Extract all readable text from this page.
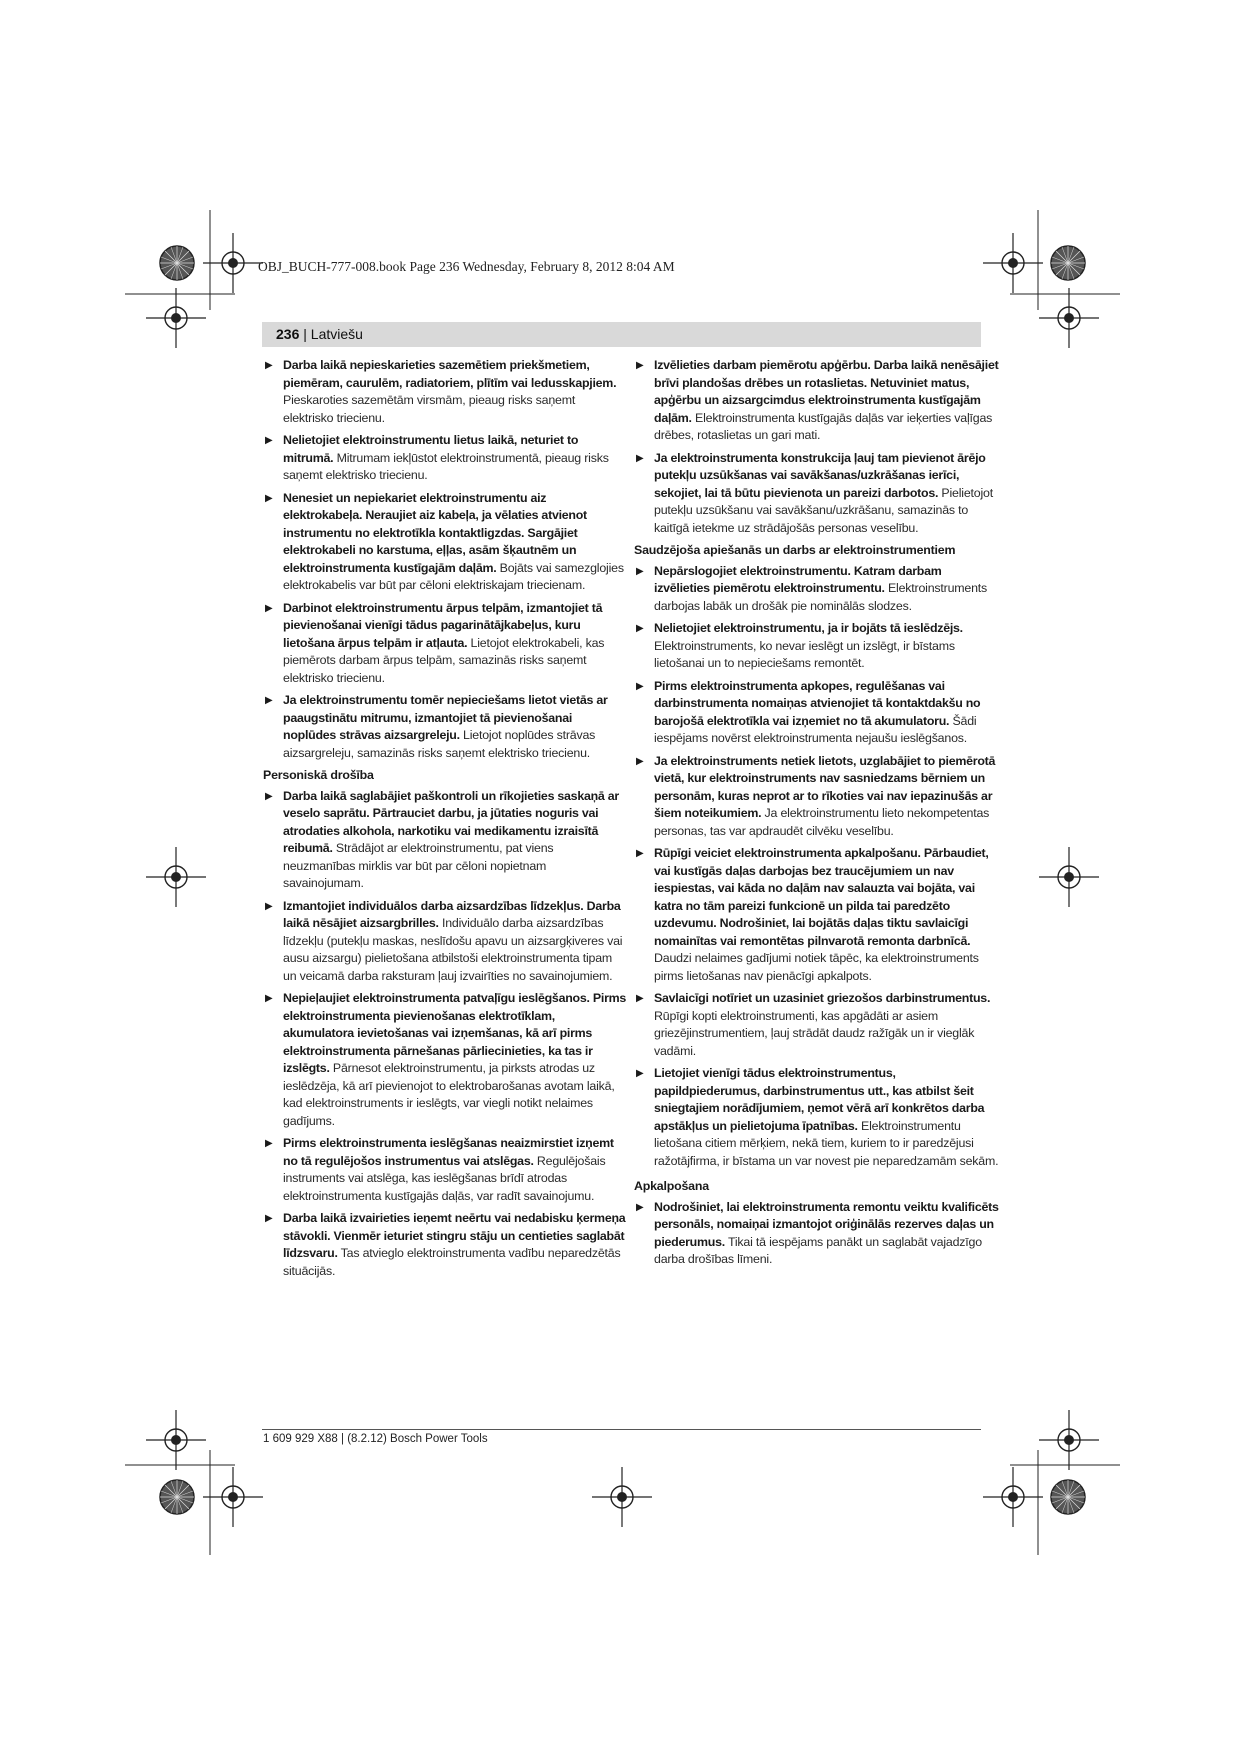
OBJ_BUCH-777-008.book Page 236 Wednesday, February 8, 2012 8:04 AM
236 | Latviešu
▶ Darba laikā nepieskarieties sazemētiem priekšmetiem, piemēram, caurulēm, radiatoriem, plītīm vai ledusskapjiem. Pieskaroties sazemētām virsmām, pieaug risks saņemt elektrisko triecienu.
▶ Nelietojiet elektroinstrumentu lietus laikā, neturiet to mitrumā. Mitrumam iekļūstot elektroinstrumentā, pieaug risks saņemt elektrisko triecienu.
▶ Nenesiet un nepiekariet elektroinstrumentu aiz elektrokabeļa. Neraujiet aiz kabeļa, ja vēlaties atvienot instrumentu no elektrotīkla kontaktligzdas. Sargājiet elektrokabeli no karstuma, eļļas, asām šķautnēm un elektroinstrumenta kustīgajām daļām. Bojāts vai samezglojies elektrokabelis var būt par cēloni elektriskajam triecienam.
▶ Darbinot elektroinstrumentu ārpus telpām, izmantojiet tā pievienošanai vienīgi tādus pagarinātājkabeļus, kuru lietošana ārpus telpām ir atļauta. Lietojot elektrokabeli, kas piemērots darbam ārpus telpām, samazinās risks saņemt elektrisko triecienu.
▶ Ja elektroinstrumentu tomēr nepieciešams lietot vietās ar paaugstinātu mitrumu, izmantojiet tā pievienošanai noplūdes strāvas aizsargreleju. Lietojot noplūdes strāvas aizsargreleju, samazinās risks saņemt elektrisko triecienu.
Personiskā drošība
▶ Darba laikā saglabājiet paškontroli un rīkojieties saskaņā ar veselo saprātu. Pārtrauciet darbu, ja jūtaties noguris vai atrodaties alkohola, narkotiku vai medikamentu izraisītā reibumā. Strādājot ar elektroinstrumentu, pat viens neuzmanības mirklis var būt par cēloni nopietnam savainojumam.
▶ Izmantojiet individuālos darba aizsardzības līdzekļus. Darba laikā nēsājiet aizsargbrilles. Individuālo darba aizsardzības līdzekļu (putekļu maskas, neslīdošu apavu un aizsargķiveres vai ausu aizsargu) pielietošana atbilstoši elektroinstrumenta tipam un veicamā darba raksturam ļauj izvairīties no savainojumiem.
▶ Nepieļaujiet elektroinstrumenta patvaļīgu ieslēgšanos. Pirms elektroinstrumenta pievienošanas elektrotīklam, akumulatora ievietošanas vai izņemšanas, kā arī pirms elektroinstrumenta pārnešanas pārliecinieties, ka tas ir izslēgts. Pārnesot elektroinstrumentu, ja pirksts atrodas uz ieslēdzēja, kā arī pievienojot to elektrobarošanas avotam laikā, kad elektroinstruments ir ieslēgts, var viegli notikt nelaimes gadījums.
▶ Pirms elektroinstrumenta ieslēgšanas neaizmirstiet izņemt no tā regulējošos instrumentus vai atslēgas. Regulējošais instruments vai atslēga, kas ieslēgšanas brīdī atrodas elektroinstrumenta kustīgajās daļās, var radīt savainojumu.
▶ Darba laikā izvairieties ieņemt neērtu vai nedabisku ķermeņa stāvokli. Vienmēr ieturiet stingru stāju un centieties saglabāt līdzsvaru. Tas atvieglo elektroinstrumenta vadību neparedzētās situācijās.
▶ Izvēlieties darbam piemērotu apģērbu. Darba laikā nenēsājiet brīvi plandošas drēbes un rotaslietas. Netuviniet matus, apģērbu un aizsargcimdus elektroinstrumenta kustīgajām daļām. Elektroinstrumenta kustīgajās daļās var ieķerties vaļīgas drēbes, rotaslietas un gari mati.
▶ Ja elektroinstrumenta konstrukcija ļauj tam pievienot ārējo putekļu uzsūkšanas vai savākšanas/uzkrāšanas ierīci, sekojiet, lai tā būtu pievienota un pareizi darbotos. Pielietojot putekļu uzsūkšanu vai savākšanu/uzkrāšanu, samazinās to kaitīgā ietekme uz strādājošās personas veselību.
Saudzējoša apiešanās un darbs ar elektroinstrumentiem
▶ Nepārslogojiet elektroinstrumentu. Katram darbam izvēlieties piemērotu elektroinstrumentu. Elektroinstruments darbojas labāk un drošāk pie nominālās slodzes.
▶ Nelietojiet elektroinstrumentu, ja ir bojāts tā ieslēdzējs. Elektroinstruments, ko nevar ieslēgt un izslēgt, ir bīstams lietošanai un to nepieciešams remontēt.
▶ Pirms elektroinstrumenta apkopes, regulēšanas vai darbinstrumenta nomaiņas atvienojiet tā kontaktdakšu no barojošā elektrotīkla vai izņemiet no tā akumulatoru. Šādi iespējams novērst elektroinstrumenta nejaušu ieslēgšanos.
▶ Ja elektroinstruments netiek lietots, uzglabājiet to piemērotā vietā, kur elektroinstruments nav sasniedzams bērniem un personām, kuras neprot ar to rīkoties vai nav iepazinušās ar šiem noteikumiem. Ja elektroinstrumentu lieto nekompetentas personas, tas var apdraudēt cilvēku veselību.
▶ Rūpīgi veiciet elektroinstrumenta apkalpošanu. Pārbaudiet, vai kustīgās daļas darbojas bez traucējumiem un nav iespiestas, vai kāda no daļām nav salauzta vai bojāta, vai katra no tām pareizi funkcionē un pilda tai paredzēto uzdevumu. Nodrošiniet, lai bojātās daļas tiktu savlaicīgi nomainītas vai remontētas pilnvarotā remonta darbnīcā. Daudzi nelaimes gadījumi notiek tāpēc, ka elektroinstruments pirms lietošanas nav pienācīgi apkalpots.
▶ Savlaicīgi notīriet un uzasiniet griezošos darbinstrumentus. Rūpīgi kopti elektroinstrumenti, kas apgādāti ar asiem griezējinstrumentiem, ļauj strādāt daudz ražīgāk un ir vieglāk vadāmi.
▶ Lietojiet vienīgi tādus elektroinstrumentus, papildpiederumus, darbinstrumentus utt., kas atbilst šeit sniegtajiem norādījumiem, ņemot vērā arī konkrētos darba apstākļus un pielietojuma īpatnības. Elektroinstrumentu lietošana citiem mērķiem, nekā tiem, kuriem to ir paredzējusi ražotājfirma, ir bīstama un var novest pie neparedzamām sekām.
Apkalpošana
▶ Nodrošiniet, lai elektroinstrumenta remontu veiktu kvalificēts personāls, nomaiņai izmantojot oriģinālās rezerves daļas un piederumus. Tikai tā iespējams panākt un saglabāt vajadzīgo darba drošības līmeni.
1 609 929 X88 | (8.2.12) Bosch Power Tools
